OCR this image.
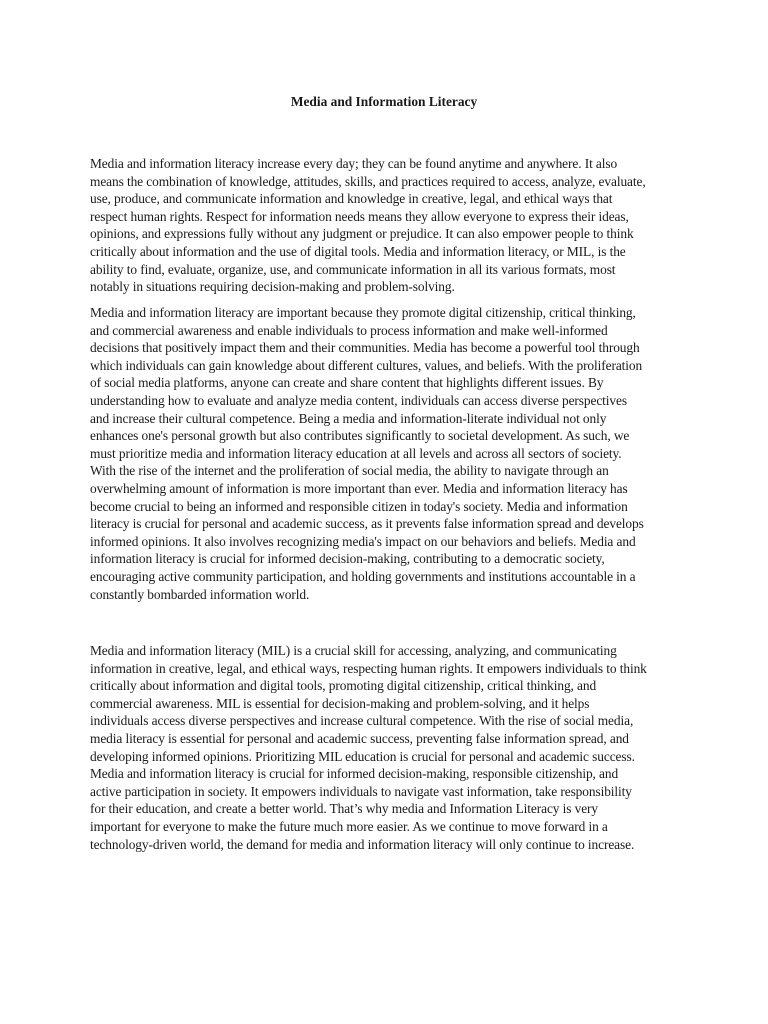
Media and Information Literacy

Media and information literacy increase every day; they can be found anytime and anywhere. It also
means the combination of knowledge, attitudes, skills, and practices required to access, analyze, evaluate,
use, produce, and communicate information and knowledge in creative, legal, and ethical ways that
respect human rights. Respect for information needs means they allow everyone to express their ideas,
opinions, and expressions fully without any judgment or prejudice. It can also empower people to think
critically about information and the use of digital tools. Media and information literacy, or MIL, is the
ability to find, evaluate, organize, use, and communicate information in all its various formats, most
notably in situations requiring decision-making and problem-solving.

Media and information literacy are important because they promote digital citizenship, critical thinking,
and commercial awareness and enable individuals to process information and make well-informed
decisions that positively impact them and their communities. Media has become a powerful tool through
which individuals can gain knowledge about different cultures, values, and beliefs. With the proliferation
of social media platforms, anyone can create and share content that highlights different issues. By
understanding how to evaluate and analyze media content, individuals can access diverse perspectives
and increase their cultural competence. Being a media and information-literate individual not only
enhances one's personal growth but also contributes significantly to societal development. As such, we
must prioritize media and information literacy education at all levels and across all sectors of society.
With the rise of the internet and the proliferation of social media, the ability to navigate through an
overwhelming amount of information is more important than ever. Media and information literacy has
become crucial to being an informed and responsible citizen in today's society. Media and information
literacy is crucial for personal and academic success, as it prevents false information spread and develops
informed opinions. It also involves recognizing media's impact on our behaviors and beliefs. Media and
information literacy is crucial for informed decision-making, contributing to a democratic society,
encouraging active community participation, and holding governments and institutions accountable in a
constantly bombarded information world.

Media and information literacy (MIL) is a crucial skill for accessing, analyzing, and communicating
information in creative, legal, and ethical ways, respecting human rights. It empowers individuals to think
critically about information and digital tools, promoting digital citizenship, critical thinking, and
commercial awareness. MIL is essential for decision-making and problem-solving, and it helps
individuals access diverse perspectives and increase cultural competence. With the rise of social media,
media literacy is essential for personal and academic success, preventing false information spread, and
developing informed opinions. Prioritizing MIL education is crucial for personal and academic success.
Media and information literacy is crucial for informed decision-making, responsible citizenship, and
active participation in society. It empowers individuals to navigate vast information, take responsibility
for their education, and create a better world. That’s why media and Information Literacy is very
important for everyone to make the future much more easier. As we continue to move forward in a
technology-driven world, the demand for media and information literacy will only continue to increase.
